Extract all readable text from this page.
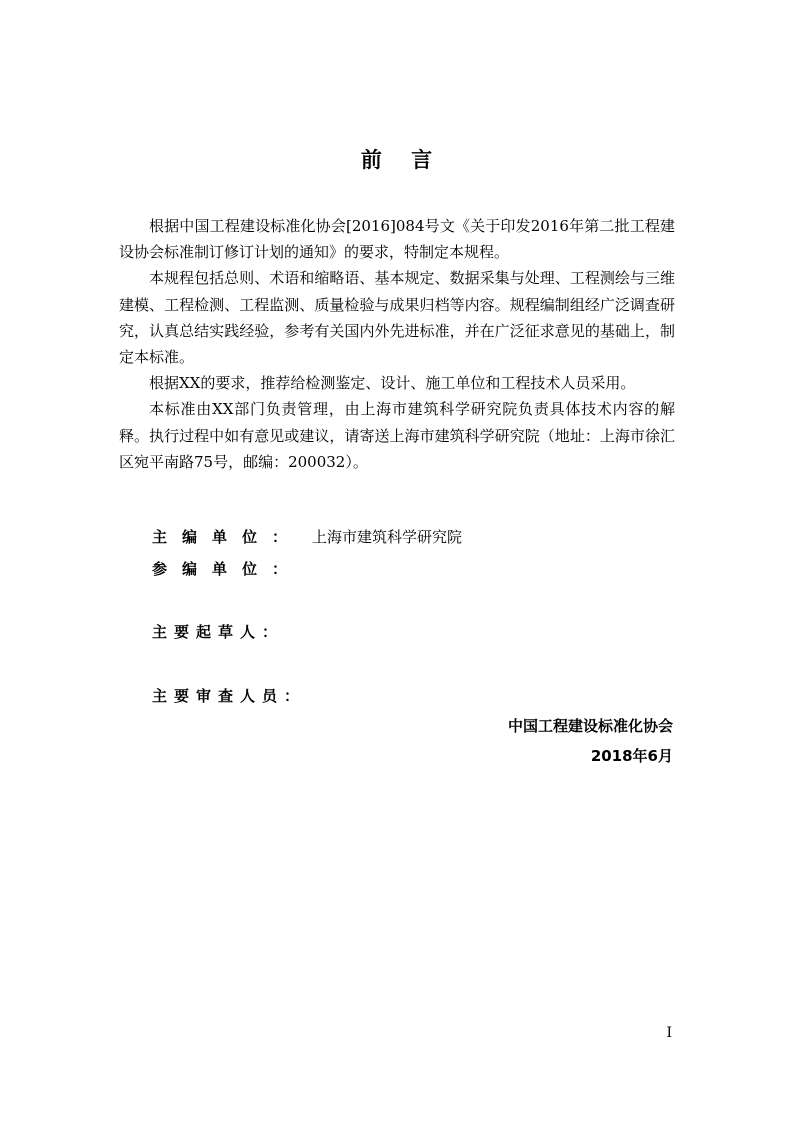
前    言

根据中国工程建设标准化协会[2016]084号文《关于印发2016年第二批工程建设协会标准制订修订计划的通知》的要求，特制定本规程。

本规程包括总则、术语和缩略语、基本规定、数据采集与处理、工程测绘与三维建模、工程检测、工程监测、质量检验与成果归档等内容。规程编制组经广泛调查研究，认真总结实践经验，参考有关国内外先进标准，并在广泛征求意见的基础上，制定本标准。

根据XX的要求，推荐给检测鉴定、设计、施工单位和工程技术人员采用。

本标准由XX部门负责管理，由上海市建筑科学研究院负责具体技术内容的解释。执行过程中如有意见或建议，请寄送上海市建筑科学研究院（地址：上海市徐汇区宛平南路75号，邮编：200032）。

主编单位： 上海市建筑科学研究院
参编单位：
主要起草人：
主要审查人员：
中国工程建设标准化协会
2018年6月
I
